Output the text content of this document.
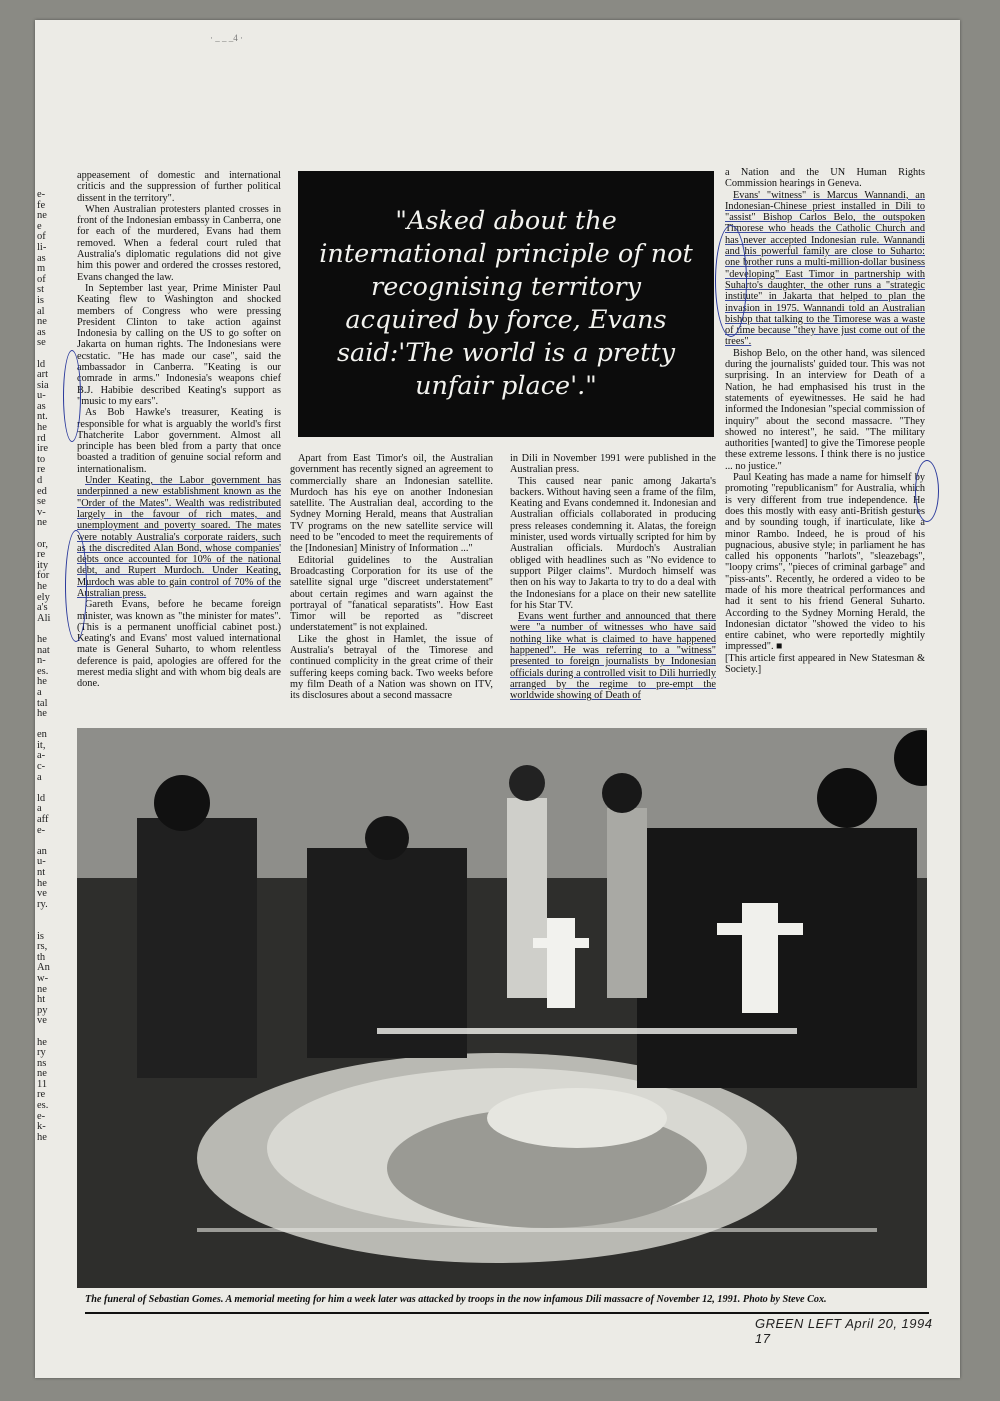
· _ _ _4 ·
e-
fe
ne
e
of
li-
as
m
of
st
is
al
ne
as
se

ld
art
sia
u-
as
nt.
he
rd
ire
to
re
d
ed
se
v-
ne

or,
re
ity
for
he
ely
a's
Ali

he
nat
n-
es.
he
a
tal
he

en
it,
a-
c-
a

ld
a
aff
e-

an
u-
nt
he
ve
ry.

is
rs,
th
An
w-
ne
ht
py
ve

he
ry
ns
ne
11
re
es.
e-
k-
he

appeasement of domestic and international criticis and the suppression of further political dissent in the territory".

When Australian protesters planted crosses in front of the Indonesian embassy in Canberra, one for each of the murdered, Evans had them removed. When a federal court ruled that Australia's diplomatic regulations did not give him this power and ordered the crosses restored, Evans changed the law.

In September last year, Prime Minister Paul Keating flew to Washington and shocked members of Congress who were pressing President Clinton to take action against Indonesia by calling on the US to go softer on Jakarta on human rights. The Indonesians were ecstatic. "He has made our case", said the ambassador in Canberra. "Keating is our comrade in arms." Indonesia's weapons chief B.J. Habibie described Keating's support as "music to my ears".

As Bob Hawke's treasurer, Keating is responsible for what is arguably the world's first Thatcherite Labor government. Almost all principle has been bled from a party that once boasted a tradition of genuine social reform and internationalism.

Under Keating, the Labor government has underpinned a new establishment known as the "Order of the Mates". Wealth was redistributed largely in the favour of rich mates, and unemployment and poverty soared. The mates were notably Australia's corporate raiders, such as the discredited Alan Bond, whose companies' debts once accounted for 10% of the national debt, and Rupert Murdoch. Under Keating, Murdoch was able to gain control of 70% of the Australian press.

Gareth Evans, before he became foreign minister, was known as "the minister for mates". (This is a permanent unofficial cabinet post.) Keating's and Evans' most valued international mate is General Suharto, to whom relentless deference is paid, apologies are offered for the merest media slight and with whom big deals are done.

"Asked about the international principle of not recognising territory acquired by force, Evans said:'The world is a pretty unfair place'."

Apart from East Timor's oil, the Australian government has recently signed an agreement to commercially share an Indonesian satellite. Murdoch has his eye on another Indonesian satellite. The Australian deal, according to the Sydney Morning Herald, means that Australian TV programs on the new satellite service will need to be "encoded to meet the requirements of the [Indonesian] Ministry of Information ..."

Editorial guidelines to the Australian Broadcasting Corporation for its use of the satellite signal urge "discreet understatement" about certain regimes and warn against the portrayal of "fanatical separatists". How East Timor will be reported as "discreet understatement" is not explained.

Like the ghost in Hamlet, the issue of Australia's betrayal of the Timorese and continued complicity in the great crime of their suffering keeps coming back. Two weeks before my film Death of a Nation was shown on ITV, its disclosures about a second massacre

in Dili in November 1991 were published in the Australian press.

This caused near panic among Jakarta's backers. Without having seen a frame of the film, Keating and Evans condemned it. Indonesian and Australian officials collaborated in producing press releases condemning it. Alatas, the foreign minister, used words virtually scripted for him by Australian officials. Murdoch's Australian obliged with headlines such as "No evidence to support Pilger claims". Murdoch himself was then on his way to Jakarta to try to do a deal with the Indonesians for a place on their new satellite for his Star TV.

Evans went further and announced that there were "a number of witnesses who have said nothing like what is claimed to have happened happened". He was referring to a "witness" presented to foreign journalists by Indonesian officials during a controlled visit to Dili hurriedly arranged by the regime to pre-empt the worldwide showing of Death of

a Nation and the UN Human Rights Commission hearings in Geneva.

Evans' "witness" is Marcus Wannandi, an Indonesian-Chinese priest installed in Dili to "assist" Bishop Carlos Belo, the outspoken Timorese who heads the Catholic Church and has never accepted Indonesian rule. Wannandi and his powerful family are close to Suharto: one brother runs a multi-million-dollar business "developing" East Timor in partnership with Suharto's daughter, the other runs a "strategic institute" in Jakarta that helped to plan the invasion in 1975. Wannandi told an Australian bishop that talking to the Timorese was a waste of time because "they have just come out of the trees".

Bishop Belo, on the other hand, was silenced during the journalists' guided tour. This was not surprising. In an interview for Death of a Nation, he had emphasised his trust in the statements of eyewitnesses. He said he had informed the Indonesian "special commission of inquiry" about the second massacre. "They showed no interest", he said. "The military authorities [wanted] to give the Timorese people these extreme lessons. I think there is no justice ... no justice."

Paul Keating has made a name for himself by promoting "republicanism" for Australia, which is very different from true independence. He does this mostly with easy anti-British gestures and by sounding tough, if inarticulate, like a minor Rambo. Indeed, he is proud of his pugnacious, abusive style; in parliament he has called his opponents "harlots", "sleazebags", "loopy crims", "pieces of criminal garbage" and "piss-ants". Recently, he ordered a video to be made of his more theatrical performances and had it sent to his friend General Suharto. According to the Sydney Morning Herald, the Indonesian dictator "showed the video to his entire cabinet, who were reportedly mightily impressed". ■

[This article first appeared in New Statesman & Society.]

The funeral of Sebastian Gomes. A memorial meeting for him a week later was attacked by troops in the now infamous Dili massacre of November 12, 1991. Photo by Steve Cox.
GREEN LEFT April 20, 1994 17
